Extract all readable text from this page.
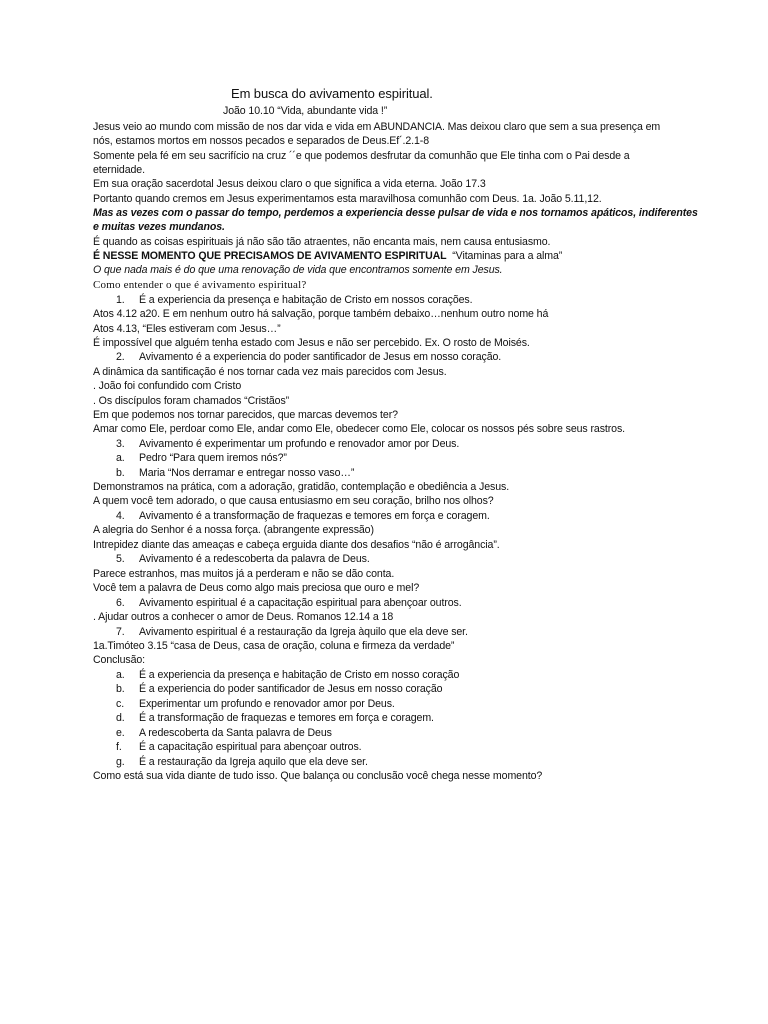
Em busca do avivamento espiritual.
João 10.10 “Vida, abundante vida !”
Jesus veio ao mundo com missão de nos dar vida e vida em ABUNDANCIA. Mas deixou claro que sem a sua presença em
nós, estamos mortos em nossos pecados e separados de Deus.Ef´.2.1-8
Somente pela fé em seu sacrifício na cruz ´´e que podemos desfrutar da comunhão que Ele tinha com o Pai desde a
eternidade.
Em sua oração sacerdotal Jesus deixou claro o que significa a vida eterna. João 17.3
Portanto quando cremos em Jesus experimentamos esta maravilhosa comunhão com Deus. 1a. João 5.11,12.
Mas as vezes com o passar do tempo, perdemos a experiencia desse pulsar de vida e nos tornamos apáticos, indiferentes
e muitas vezes mundanos.
É quando as coisas espirituais já não são tão atraentes, não encanta mais, nem causa entusiasmo.
É NESSE MOMENTO QUE PRECISAMOS DE AVIVAMENTO ESPIRITUAL “Vitaminas para a alma”
O que nada mais é do que uma renovação de vida que encontramos somente em Jesus.
Como entender o que é avivamento espiritual?
1.	É a experiencia da presença e habitação de Cristo em nossos corações.
Atos 4.12 a20. E em nenhum outro há salvação, porque também debaixo…nenhum outro nome há
Atos 4.13, “Eles estiveram com Jesus…”
É impossível que alguém tenha estado com Jesus e não ser percebido. Ex. O rosto de Moisés.
2.	Avivamento é a experiencia do poder santificador de Jesus em nosso coração.
A dinâmica da santificação é nos tornar cada vez mais parecidos com Jesus.
. João foi confundido com Cristo
. Os discípulos foram chamados “Cristãos”
Em que podemos nos tornar parecidos, que marcas devemos ter?
Amar como Ele, perdoar como Ele, andar como Ele, obedecer como Ele, colocar os nossos pés sobre seus rastros.
3.	Avivamento é experimentar um profundo e renovador amor por Deus.
a.	Pedro “Para quem iremos nós?”
b.	Maria “Nos derramar e entregar nosso vaso…”
Demonstramos na prática, com a adoração, gratidão, contemplação e obediência a Jesus.
A quem você tem adorado, o que causa entusiasmo em seu coração, brilho nos olhos?
4.	Avivamento é a transformação de fraquezas e temores em força e coragem.
A alegria do Senhor é a nossa força. (abrangente expressão)
Intrepidez diante das ameaças e cabeça erguida diante dos desafios “não é arrogância”.
5.	Avivamento é a redescoberta da palavra de Deus.
Parece estranhos, mas muitos já a perderam e não se dão conta.
Você tem a palavra de Deus como algo mais preciosa que ouro e mel?
6.	Avivamento espiritual é a capacitação espiritual para abençoar outros.
. Ajudar outros a conhecer o amor de Deus. Romanos 12.14 a 18
7.	Avivamento espiritual é a restauração da Igreja àquilo que ela deve ser.
1a.Timóteo 3.15 “casa de Deus, casa de oração, coluna e firmeza da verdade”
Conclusão:
a.	É a experiencia da presença e habitação de Cristo em nosso coração
b.	É a experiencia do poder santificador de Jesus em nosso coração
c.	Experimentar um profundo e renovador amor por Deus.
d.	É a transformação de fraquezas e temores em força e coragem.
e.	A redescoberta da Santa palavra de Deus
f.	É a capacitação espiritual para abençoar outros.
g.	É a restauração da Igreja aquilo que ela deve ser.
Como está sua vida diante de tudo isso. Que balança ou conclusão você chega nesse momento?
